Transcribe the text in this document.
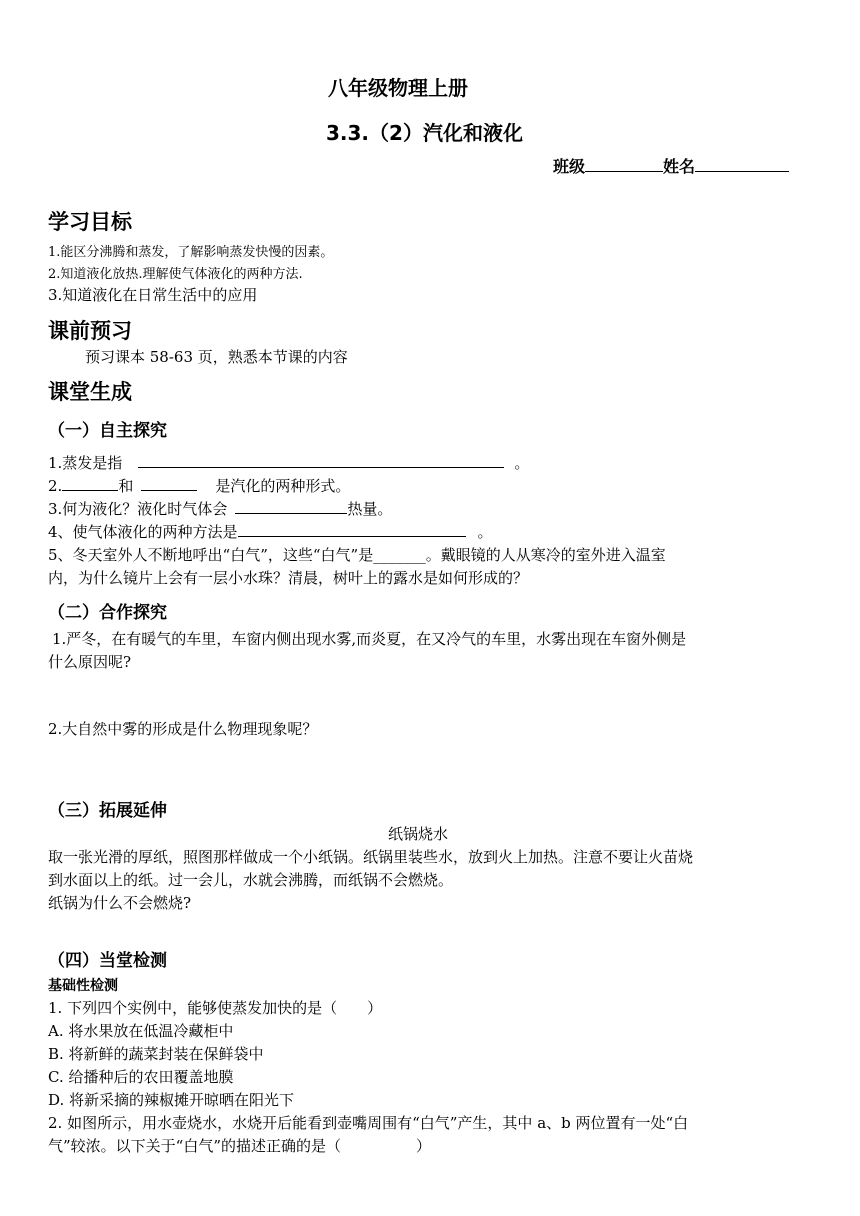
八年级物理上册
3.3.（2）汽化和液化
班级	姓名
学习目标
1.能区分沸腾和蒸发，了解影响蒸发快慢的因素。
2.知道液化放热.理解使气体液化的两种方法.
3.知道液化在日常生活中的应用
课前预习
预习课本 58-63 页，熟悉本节课的内容
课堂生成
（一）自主探究
1.蒸发是指	。
2.	和	是汽化的两种形式。
3.何为液化？液化时气体会	热量。
4、使气体液化的两种方法是	。
5、冬天室外人不断地呼出“白气”，这些“白气”是_______。戴眼镜的人从寒冷的室外进入温室
内，为什么镜片上会有一层小水珠？清晨，树叶上的露水是如何形成的？
（二）合作探究
1.严冬，在有暖气的车里，车窗内侧出现水雾,而炎夏，在又冷气的车里，水雾出现在车窗外侧是
什么原因呢?
2.大自然中雾的形成是什么物理现象呢？
（三）拓展延伸
纸锅烧水
取一张光滑的厚纸，照图那样做成一个小纸锅。纸锅里装些水，放到火上加热。注意不要让火苗烧
到水面以上的纸。过一会儿，水就会沸腾，而纸锅不会燃烧。
纸锅为什么不会燃烧?
（四）当堂检测
基础性检测
1. 下列四个实例中，能够使蒸发加快的是（　　）
A. 将水果放在低温冷藏柜中
B. 将新鲜的蔬菜封装在保鲜袋中
C. 给播种后的农田覆盖地膜
D. 将新采摘的辣椒摊开晾晒在阳光下
2. 如图所示，用水壶烧水，水烧开后能看到壶嘴周围有“白气”产生，其中 a、b 两位置有一处“白
气”较浓。以下关于“白气”的描述正确的是（　　　　　）
